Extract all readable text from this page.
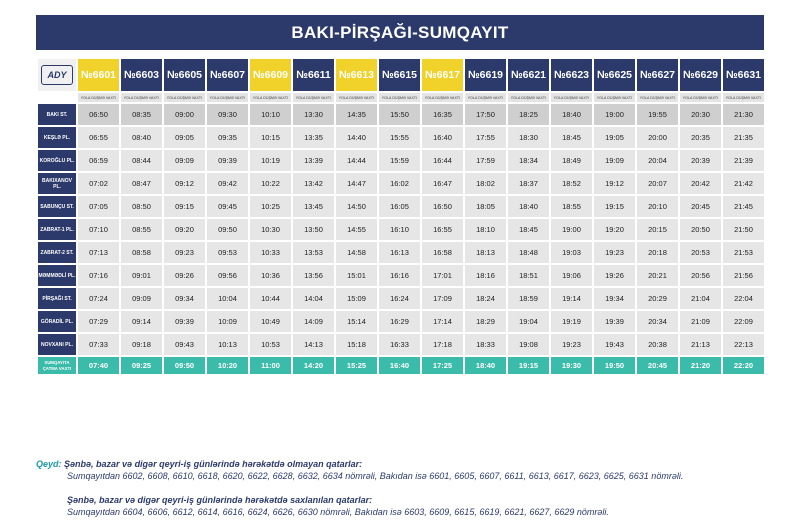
BAKI-PİRŞAĞI-SUMQAYIT
ADY	№6601	№6603	№6605	№6607	№6609	№6611	№6613	№6615	№6617	№6619	№6621	№6623	№6625	№6627	№6629	№6631
	YOLA DÜŞMƏ VAXTI	YOLA DÜŞMƏ VAXTI	YOLA DÜŞMƏ VAXTI	YOLA DÜŞMƏ VAXTI	YOLA DÜŞMƏ VAXTI	YOLA DÜŞMƏ VAXTI	YOLA DÜŞMƏ VAXTI	YOLA DÜŞMƏ VAXTI	YOLA DÜŞMƏ VAXTI	YOLA DÜŞMƏ VAXTI	YOLA DÜŞMƏ VAXTI	YOLA DÜŞMƏ VAXTI	YOLA DÜŞMƏ VAXTI	YOLA DÜŞMƏ VAXTI	YOLA DÜŞMƏ VAXTI	YOLA DÜŞMƏ VAXTI
BAKI ST.	06:50	08:35	09:00	09:30	10:10	13:30	14:35	15:50	16:35	17:50	18:25	18:40	19:00	19:55	20:30	21:30
KEŞLƏ PL.	06:55	08:40	09:05	09:35	10:15	13:35	14:40	15:55	16:40	17:55	18:30	18:45	19:05	20:00	20:35	21:35
KOROĞLU PL.	06:59	08:44	09:09	09:39	10:19	13:39	14:44	15:59	16:44	17:59	18:34	18:49	19:09	20:04	20:39	21:39
BAKIXANOV PL.	07:02	08:47	09:12	09:42	10:22	13:42	14:47	16:02	16:47	18:02	18:37	18:52	19:12	20:07	20:42	21:42
SABUNÇU ST.	07:05	08:50	09:15	09:45	10:25	13:45	14:50	16:05	16:50	18:05	18:40	18:55	19:15	20:10	20:45	21:45
ZABRAT-1 PL.	07:10	08:55	09:20	09:50	10:30	13:50	14:55	16:10	16:55	18:10	18:45	19:00	19:20	20:15	20:50	21:50
ZABRAT-2 ST.	07:13	08:58	09:23	09:53	10:33	13:53	14:58	16:13	16:58	18:13	18:48	19:03	19:23	20:18	20:53	21:53
MƏMMƏDLİ PL.	07:16	09:01	09:26	09:56	10:36	13:56	15:01	16:16	17:01	18:16	18:51	19:06	19:26	20:21	20:56	21:56
PİRŞAĞI ST.	07:24	09:09	09:34	10:04	10:44	14:04	15:09	16:24	17:09	18:24	18:59	19:14	19:34	20:29	21:04	22:04
GÖRADİL PL.	07:29	09:14	09:39	10:09	10:49	14:09	15:14	16:29	17:14	18:29	19:04	19:19	19:39	20:34	21:09	22:09
NOVXANI PL.	07:33	09:18	09:43	10:13	10:53	14:13	15:18	16:33	17:18	18:33	19:08	19:23	19:43	20:38	21:13	22:13
SUMQAYITA ÇATMA VAXTI	07:40	09:25	09:50	10:20	11:00	14:20	15:25	16:40	17:25	18:40	19:15	19:30	19:50	20:45	21:20	22:20
Qeyd: Şənbə, bazar və digər qeyri-iş günlərində hərəkətdə olmayan qatarlar:
Sumqayıtdan 6602, 6608, 6610, 6618, 6620, 6622, 6628, 6632, 6634 nömrəli, Bakıdan isə 6601, 6605, 6607, 6611, 6613, 6617, 6623, 6625, 6631 nömrəli.
Şənbə, bazar və digər qeyri-iş günlərində hərəkətdə saxlanılan qatarlar:
Sumqayıtdan 6604, 6606, 6612, 6614, 6616, 6624, 6626, 6630 nömrəli, Bakıdan isə 6603, 6609, 6615, 6619, 6621, 6627, 6629 nömrəli.
